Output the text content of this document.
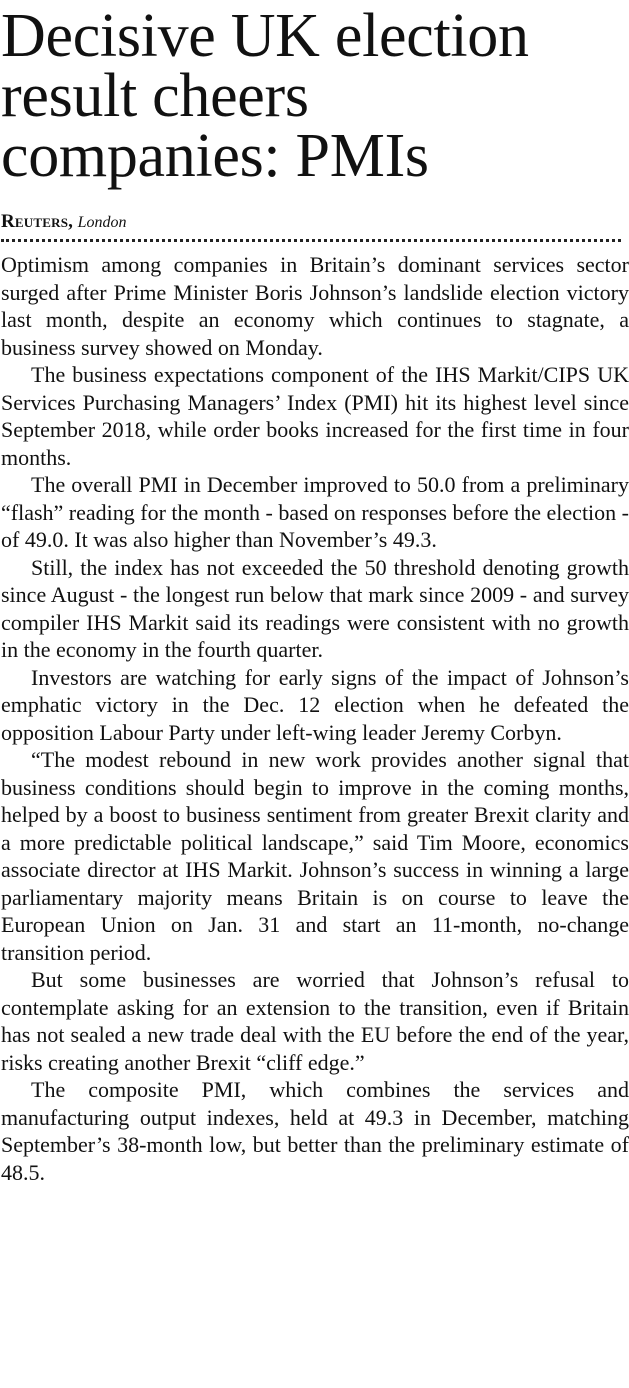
Decisive UK election
result cheers
companies: PMIs
Reuters, London

Optimism among companies in Britain’s dominant services sector surged after Prime Minister Boris Johnson’s landslide election victory last month, despite an economy which continues to stagnate, a business survey showed on Monday.

The business expectations component of the IHS Markit/CIPS UK Services Purchasing Managers’ Index (PMI) hit its highest level since September 2018, while order books increased for the first time in four months.

The overall PMI in December improved to 50.0 from a preliminary “flash” reading for the month - based on responses before the election - of 49.0. It was also higher than November’s 49.3.

Still, the index has not exceeded the 50 threshold denoting growth since August - the longest run below that mark since 2009 - and survey compiler IHS Markit said its readings were consistent with no growth in the economy in the fourth quarter.

Investors are watching for early signs of the impact of Johnson’s emphatic victory in the Dec. 12 election when he defeated the opposition Labour Party under left-wing leader Jeremy Corbyn.

“The modest rebound in new work provides another signal that business conditions should begin to improve in the coming months, helped by a boost to business sentiment from greater Brexit clarity and a more predictable political landscape,” said Tim Moore, economics associate director at IHS Markit. Johnson’s success in winning a large parliamentary majority means Britain is on course to leave the European Union on Jan. 31 and start an 11-month, no-change transition period.

But some businesses are worried that Johnson’s refusal to contemplate asking for an extension to the transition, even if Britain has not sealed a new trade deal with the EU before the end of the year, risks creating another Brexit “cliff edge.”

The composite PMI, which combines the services and manufacturing output indexes, held at 49.3 in December, matching September’s 38-month low, but better than the preliminary estimate of 48.5.
